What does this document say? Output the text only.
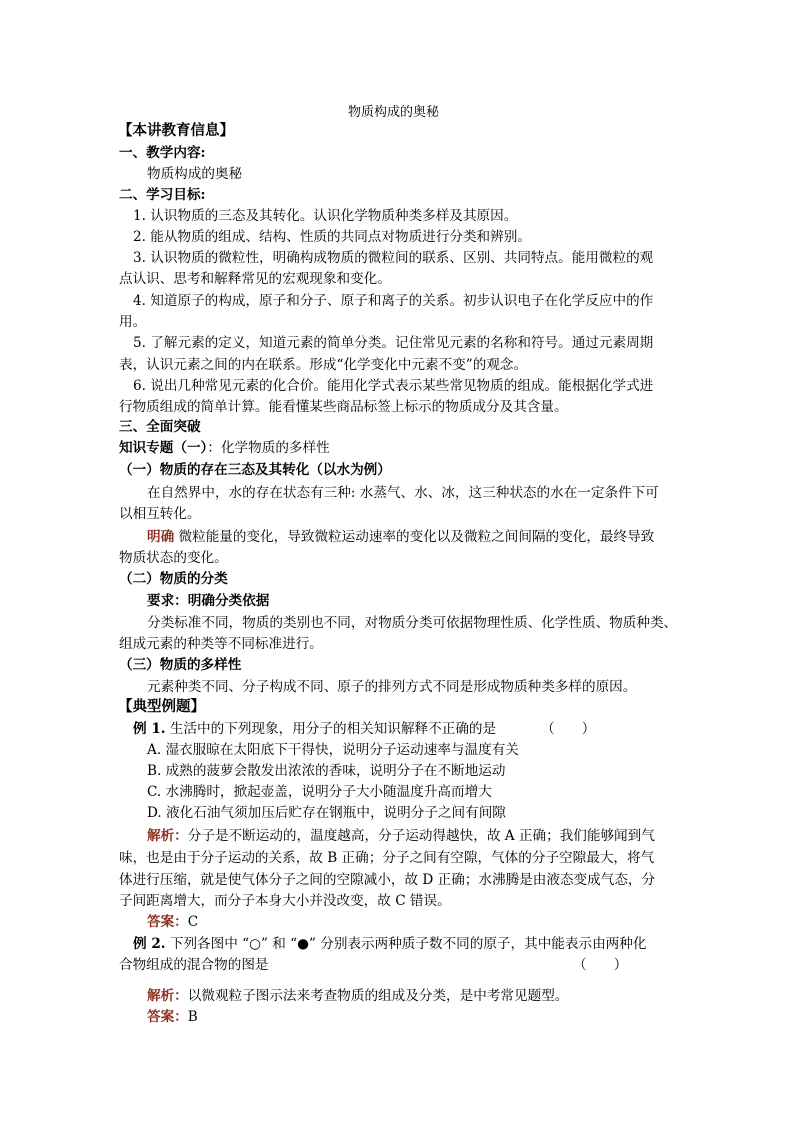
物质构成的奥秘
【本讲教育信息】
一、教学内容:
物质构成的奥秘
二、学习目标:
1. 认识物质的三态及其转化。认识化学物质种类多样及其原因。
2. 能从物质的组成、结构、性质的共同点对物质进行分类和辨别。
3. 认识物质的微粒性，明确构成物质的微粒间的联系、区别、共同特点。能用微粒的观
点认识、思考和解释常见的宏观现象和变化。
4. 知道原子的构成，原子和分子、原子和离子的关系。初步认识电子在化学反应中的作
用。
5. 了解元素的定义，知道元素的简单分类。记住常见元素的名称和符号。通过元素周期
表，认识元素之间的内在联系。形成“化学变化中元素不变”的观念。
6. 说出几种常见元素的化合价。能用化学式表示某些常见物质的组成。能根据化学式进
行物质组成的简单计算。能看懂某些商品标签上标示的物质成分及其含量。
三、全面突破
知识专题（一）：化学物质的多样性
（一）物质的存在三态及其转化（以水为例）
在自然界中，水的存在状态有三种: 水蒸气、水、冰，这三种状态的水在一定条件下可
以相互转化。
明确 微粒能量的变化，导致微粒运动速率的变化以及微粒之间间隔的变化，最终导致
物质状态的变化。
（二）物质的分类
要求：明确分类依据
分类标准不同，物质的类别也不同，对物质分类可依据物理性质、化学性质、物质种类、
组成元素的种类等不同标准进行。
（三）物质的多样性
元素种类不同、分子构成不同、原子的排列方式不同是形成物质种类多样的原因。
【典型例题】
例 1. 生活中的下列现象，用分子的相关知识解释不正确的是	（　　）
A. 湿衣服晾在太阳底下干得快，说明分子运动速率与温度有关
B. 成熟的菠萝会散发出浓浓的香味，说明分子在不断地运动
C. 水沸腾时，掀起壶盖，说明分子大小随温度升高而增大
D. 液化石油气须加压后贮存在钢瓶中，说明分子之间有间隙
解析：分子是不断运动的，温度越高，分子运动得越快，故 A 正确；我们能够闻到气
味，也是由于分子运动的关系，故 B 正确；分子之间有空隙，气体的分子空隙最大，将气
体进行压缩，就是使气体分子之间的空隙减小，故 D 正确；水沸腾是由液态变成气态，分
子间距离增大，而分子本身大小并没改变，故 C 错误。
答案：C
例 2. 下列各图中 “○” 和 “●” 分别表示两种质子数不同的原子，其中能表示由两种化
合物组成的混合物的图是	（　　）
解析：以微观粒子图示法来考查物质的组成及分类，是中考常见题型。
答案：B
